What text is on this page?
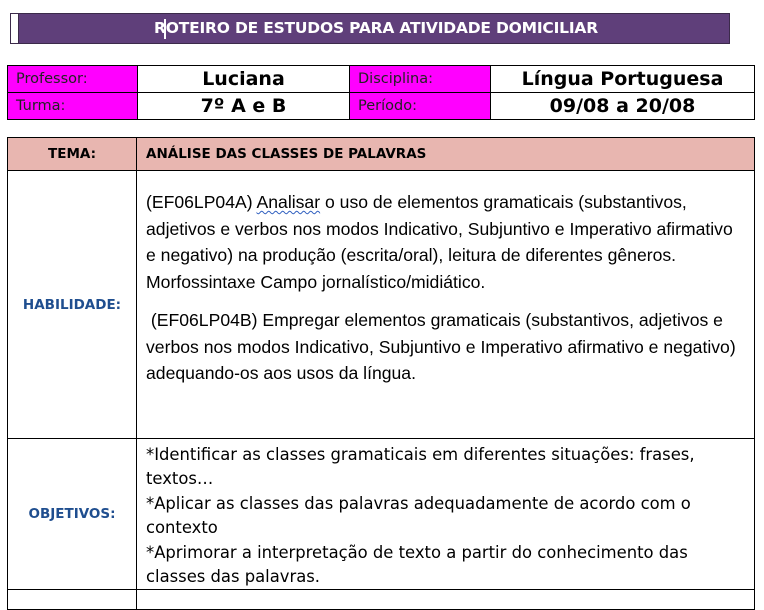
ROTEIRO DE ESTUDOS PARA ATIVIDADE DOMICILIAR
Professor:	Luciana	Disciplina:	Língua Portuguesa
Turma:	7º A e B	Período:	09/08 a 20/08
TEMA:	ANÁLISE DAS CLASSES DE PALAVRAS
HABILIDADE:	(EF06LP04A) Analisar o uso de elementos gramaticais (substantivos, adjetivos e verbos nos modos Indicativo, Subjuntivo e Imperativo afirmativo e negativo) na produção (escrita/oral), leitura de diferentes gêneros. Morfossintaxe Campo jornalístico/midiático.

(EF06LP04B) Empregar elementos gramaticais (substantivos, adjetivos e verbos nos modos Indicativo, Subjuntivo e Imperativo afirmativo e negativo) adequando-os aos usos da língua.

OBJETIVOS:	*Identificar as classes gramaticais em diferentes situações: frases, textos…
*Aplicar as classes das palavras adequadamente de acordo com o contexto
*Aprimorar a interpretação de texto a partir do conhecimento das classes das palavras.
